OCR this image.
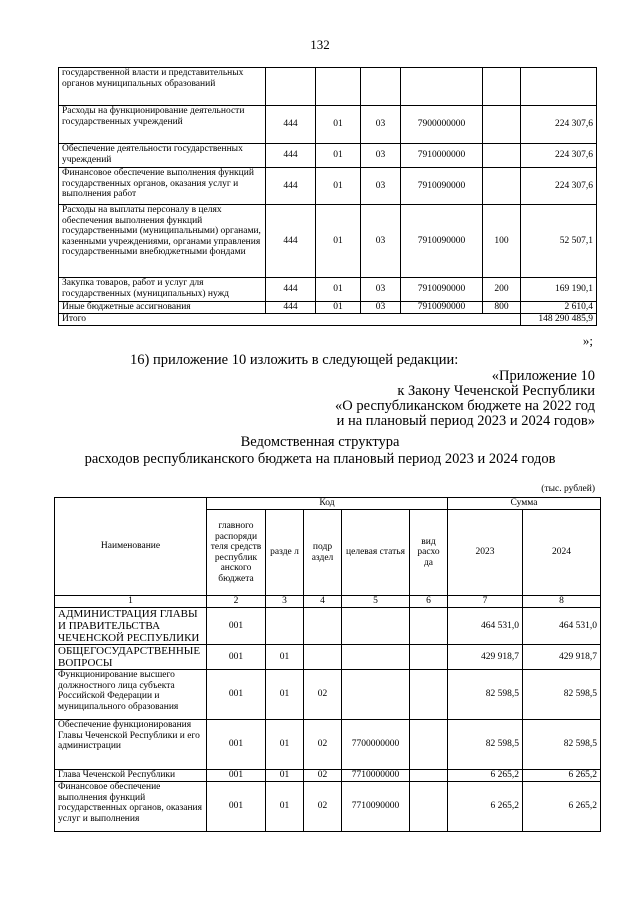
132
государственной власти и представительных органов муниципальных образований						
Расходы на функционирование деятельности государственных учреждений	444	01	03	7900000000		224 307,6
Обеспечение деятельности государственных учреждений	444	01	03	7910000000		224 307,6
Финансовое обеспечение выполнения функций государственных органов, оказания услуг и выполнения работ	444	01	03	7910090000		224 307,6
Расходы на выплаты персоналу в целях обеспечения выполнения функций государственными (муниципальными) органами, казенными учреждениями, органами управления государственными внебюджетными фондами	444	01	03	7910090000	100	52 507,1
Закупка товаров, работ и услуг для государственных (муниципальных) нужд	444	01	03	7910090000	200	169 190,1
Иные бюджетные ассигнования	444	01	03	7910090000	800	2 610,4
Итого						148 290 485,9
»;
16) приложение 10 изложить в следующей редакции:
«Приложение 10
к Закону Чеченской Республики
«О республиканском бюджете на 2022 год
и на плановый период 2023 и 2024 годов»
Ведомственная структура
расходов республиканского бюджета на плановый период 2023 и 2024 годов
(тыс. рублей)
Наименование	Код					Сумма	
	главного распоряди теля средств республик анского бюджета	разде л	подр аздел	целевая статья	вид расхо да	2023	2024
1	2	3	4	5	6	7	8
АДМИНИСТРАЦИЯ ГЛАВЫ И ПРАВИТЕЛЬСТВА ЧЕЧЕНСКОЙ РЕСПУБЛИКИ	001					464 531,0	464 531,0
ОБЩЕГОСУДАРСТВЕННЫЕ ВОПРОСЫ	001	01				429 918,7	429 918,7
Функционирование высшего должностного лица субъекта Российской Федерации и муниципального образования	001	01	02			82 598,5	82 598,5
Обеспечение функционирования Главы Чеченской Республики и его администрации	001	01	02	7700000000		82 598,5	82 598,5
Глава Чеченской Республики	001	01	02	7710000000		6 265,2	6 265,2
Финансовое обеспечение выполнения функций государственных органов, оказания услуг и выполнения	001	01	02	7710090000		6 265,2	6 265,2
